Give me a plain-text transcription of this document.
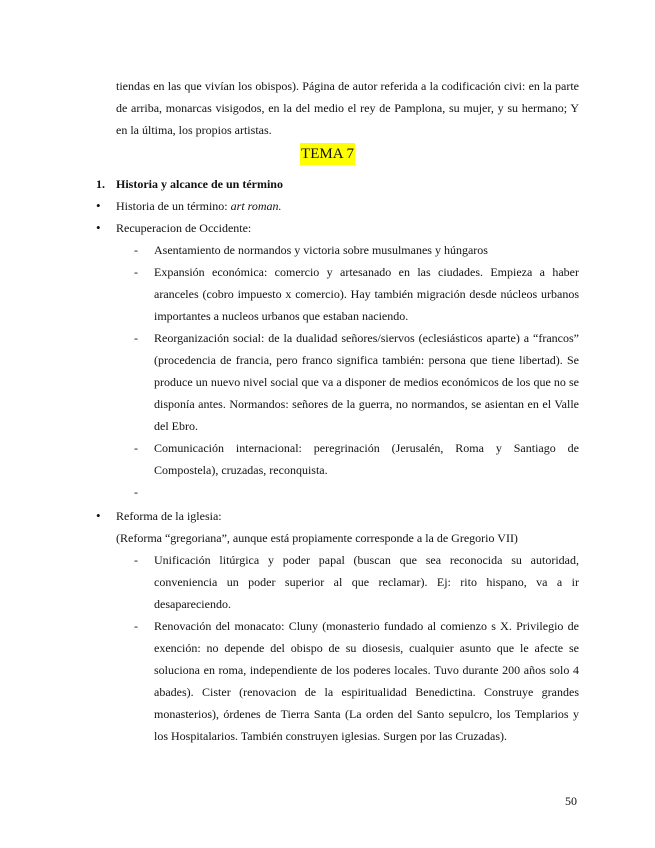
tiendas en las que vivían los obispos). Página de autor referida a la codificación civi: en la parte de arriba, monarcas visigodos, en la del medio el rey de Pamplona, su mujer, y su hermano; Y en la última, los propios artistas.

TEMA 7
1. Historia y alcance de un término
• Historia de un término: art roman.
• Recuperacion de Occidente:
- Asentamiento de normandos y victoria sobre musulmanes y húngaros
- Expansión económica: comercio y artesanado en las ciudades. Empieza a haber aranceles (cobro impuesto x comercio). Hay también migración desde núcleos urbanos importantes a nucleos urbanos que estaban naciendo.
- Reorganización social: de la dualidad señores/siervos (eclesiásticos aparte) a “francos” (procedencia de francia, pero franco significa también: persona que tiene libertad). Se produce un nuevo nivel social que va a disponer de medios económicos de los que no se disponía antes. Normandos: señores de la guerra, no normandos, se asientan en el Valle del Ebro.
- Comunicación internacional: peregrinación (Jerusalén, Roma y Santiago de Compostela), cruzadas, reconquista.
• Reforma de la iglesia:
(Reforma “gregoriana”, aunque está propiamente corresponde a la de Gregorio VII)
- Unificación litúrgica y poder papal (buscan que sea reconocida su autoridad, conveniencia un poder superior al que reclamar). Ej: rito hispano, va a ir desapareciendo.
- Renovación del monacato: Cluny (monasterio fundado al comienzo s X. Privilegio de exención: no depende del obispo de su diosesis, cualquier asunto que le afecte se soluciona en roma, independiente de los poderes locales. Tuvo durante 200 años solo 4 abades). Cister (renovacion de la espiritualidad Benedictina. Construye grandes monasterios), órdenes de Tierra Santa (La orden del Santo sepulcro, los Templarios y los Hospitalarios. También construyen iglesias. Surgen por las Cruzadas).
50
